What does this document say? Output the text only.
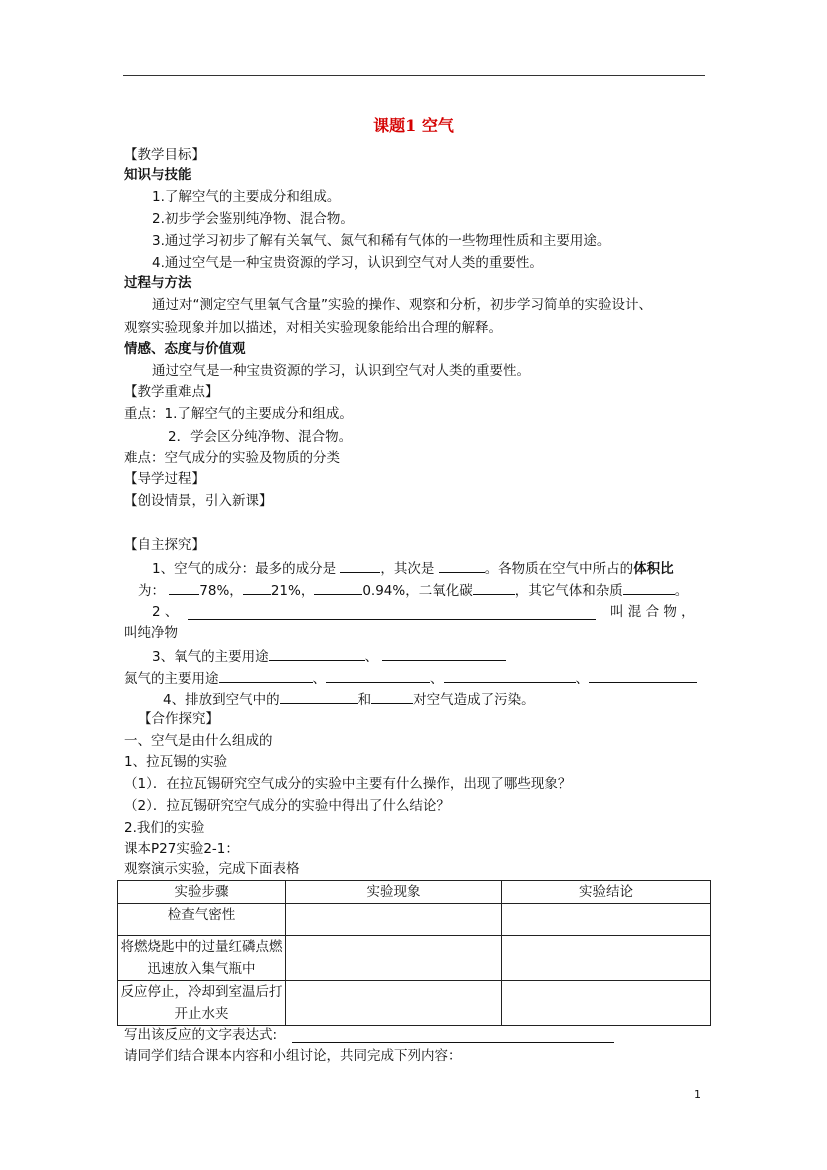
课题1 空气
【教学目标】
知识与技能
1.了解空气的主要成分和组成。
2.初步学会鉴别纯净物、混合物。
3.通过学习初步了解有关氧气、氮气和稀有气体的一些物理性质和主要用途。
4.通过空气是一种宝贵资源的学习，认识到空气对人类的重要性。
过程与方法
通过对“测定空气里氧气含量”实验的操作、观察和分析，初步学习简单的实验设计、
观察实验现象并加以描述，对相关实验现象能给出合理的解释。
情感、态度与价值观
通过空气是一种宝贵资源的学习，认识到空气对人类的重要性。
【教学重难点】
重点：1.了解空气的主要成分和组成。
2．学会区分纯净物、混合物。
难点：空气成分的实验及物质的分类
【导学过程】
【创设情景，引入新课】
【自主探究】
1、空气的成分：最多的成分是	，其次是	。各物质在空气中所占的体积比
为：	78%， 21%，	0.94%，二氧化碳	，其它气体和杂质	。
2 、	叫 混 合 物 ，
叫纯净物
3、氧气的主要用途	、
氮气的主要用途	、	、	、
4、排放到空气中的	和	对空气造成了污染。
【合作探究】
一、空气是由什么组成的
1、拉瓦锡的实验
（1）．在拉瓦锡研究空气成分的实验中主要有什么操作，出现了哪些现象？
（2）．拉瓦锡研究空气成分的实验中得出了什么结论？
2.我们的实验
课本P27实验2-1：
观察演示实验，完成下面表格
实验步骤	实验现象	实验结论
检查气密性		
将燃烧匙中的过量红磷点燃迅速放入集气瓶中		
反应停止，冷却到室温后打开止水夹		
写出该反应的文字表达式:
请同学们结合课本内容和小组讨论，共同完成下列内容：
1
